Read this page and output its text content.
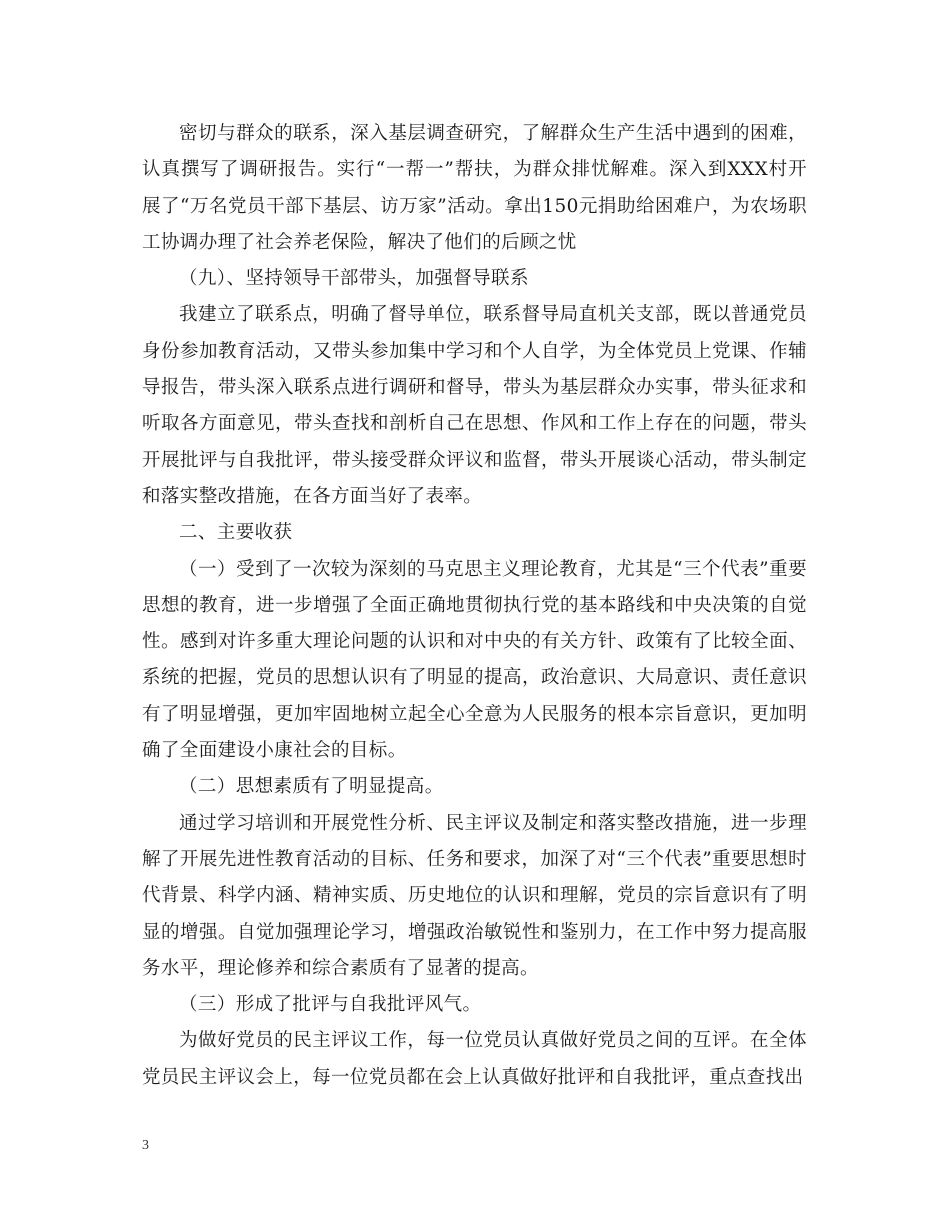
密切与群众的联系，深入基层调查研究，了解群众生产生活中遇到的困难，认真撰写了调研报告。实行“一帮一”帮扶，为群众排忧解难。深入到XXX村开展了“万名党员干部下基层、访万家”活动。拿出150元捐助给困难户，为农场职工协调办理了社会养老保险，解决了他们的后顾之忧

（九）、坚持领导干部带头，加强督导联系

我建立了联系点，明确了督导单位，联系督导局直机关支部，既以普通党员身份参加教育活动，又带头参加集中学习和个人自学，为全体党员上党课、作辅导报告，带头深入联系点进行调研和督导，带头为基层群众办实事，带头征求和听取各方面意见，带头查找和剖析自己在思想、作风和工作上存在的问题，带头开展批评与自我批评，带头接受群众评议和监督，带头开展谈心活动，带头制定和落实整改措施，在各方面当好了表率。

二、主要收获

（一）受到了一次较为深刻的马克思主义理论教育，尤其是“三个代表”重要思想的教育，进一步增强了全面正确地贯彻执行党的基本路线和中央决策的自觉性。感到对许多重大理论问题的认识和对中央的有关方针、政策有了比较全面、系统的把握，党员的思想认识有了明显的提高，政治意识、大局意识、责任意识有了明显增强，更加牢固地树立起全心全意为人民服务的根本宗旨意识，更加明确了全面建设小康社会的目标。

（二）思想素质有了明显提高。

通过学习培训和开展党性分析、民主评议及制定和落实整改措施，进一步理解了开展先进性教育活动的目标、任务和要求，加深了对“三个代表”重要思想时代背景、科学内涵、精神实质、历史地位的认识和理解，党员的宗旨意识有了明显的增强。自觉加强理论学习，增强政治敏锐性和鉴别力，在工作中努力提高服务水平，理论修养和综合素质有了显著的提高。

（三）形成了批评与自我批评风气。

为做好党员的民主评议工作，每一位党员认真做好党员之间的互评。在全体党员民主评议会上，每一位党员都在会上认真做好批评和自我批评，重点查找出

3
